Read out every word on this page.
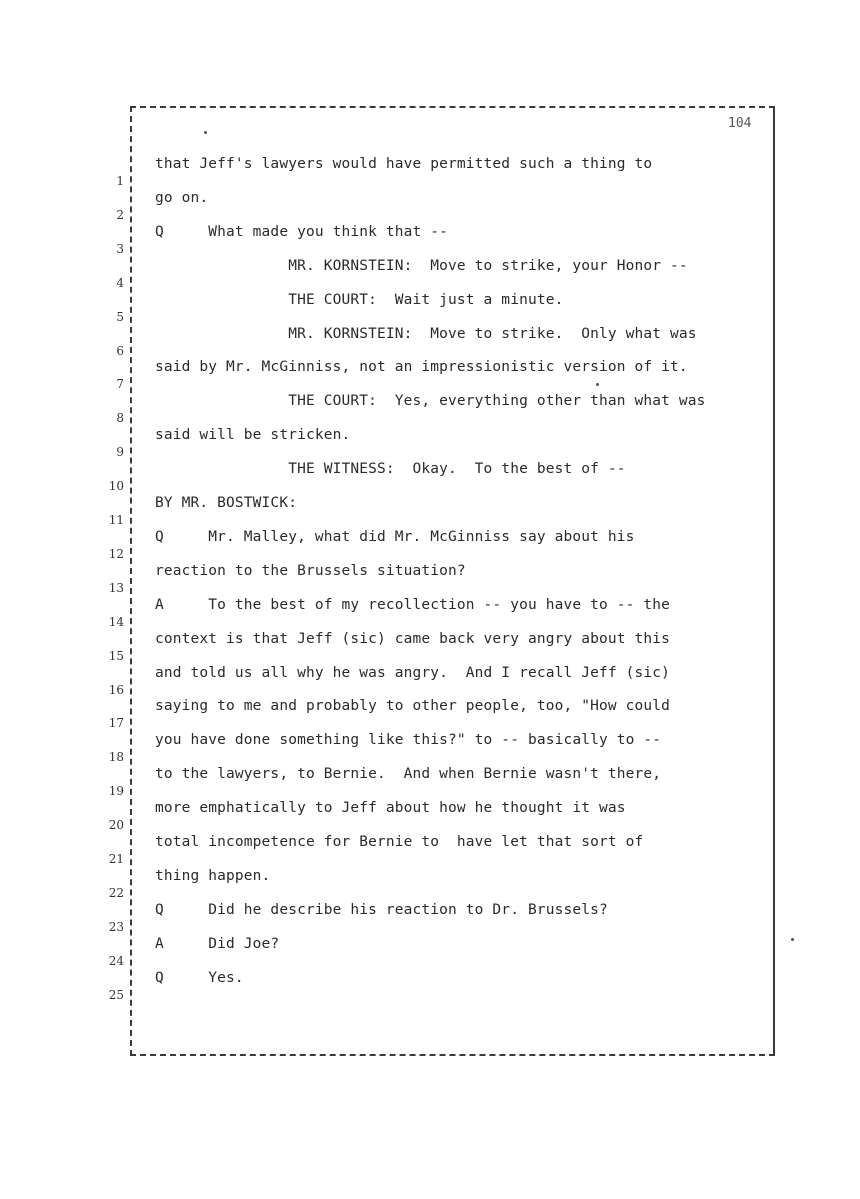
104
1
that Jeff's lawyers would have permitted such a thing to
2
go on.
3
Q     What made you think that --
4
MR. KORNSTEIN:  Move to strike, your Honor --
5
THE COURT:  Wait just a minute.
6
MR. KORNSTEIN:  Move to strike.  Only what was
7
said by Mr. McGinniss, not an impressionistic version of it.
8
THE COURT:  Yes, everything other than what was
9
said will be stricken.
10
THE WITNESS:  Okay.  To the best of --
11
BY MR. BOSTWICK:
12
Q     Mr. Malley, what did Mr. McGinniss say about his
13
reaction to the Brussels situation?
14
A     To the best of my recollection -- you have to -- the
15
context is that Jeff (sic) came back very angry about this
16
and told us all why he was angry.  And I recall Jeff (sic)
17
saying to me and probably to other people, too, "How could
18
you have done something like this?" to -- basically to --
19
to the lawyers, to Bernie.  And when Bernie wasn't there,
20
more emphatically to Jeff about how he thought it was
21
total incompetence for Bernie to  have let that sort of
22
thing happen.
23
Q     Did he describe his reaction to Dr. Brussels?
24
A     Did Joe?
25
Q     Yes.
